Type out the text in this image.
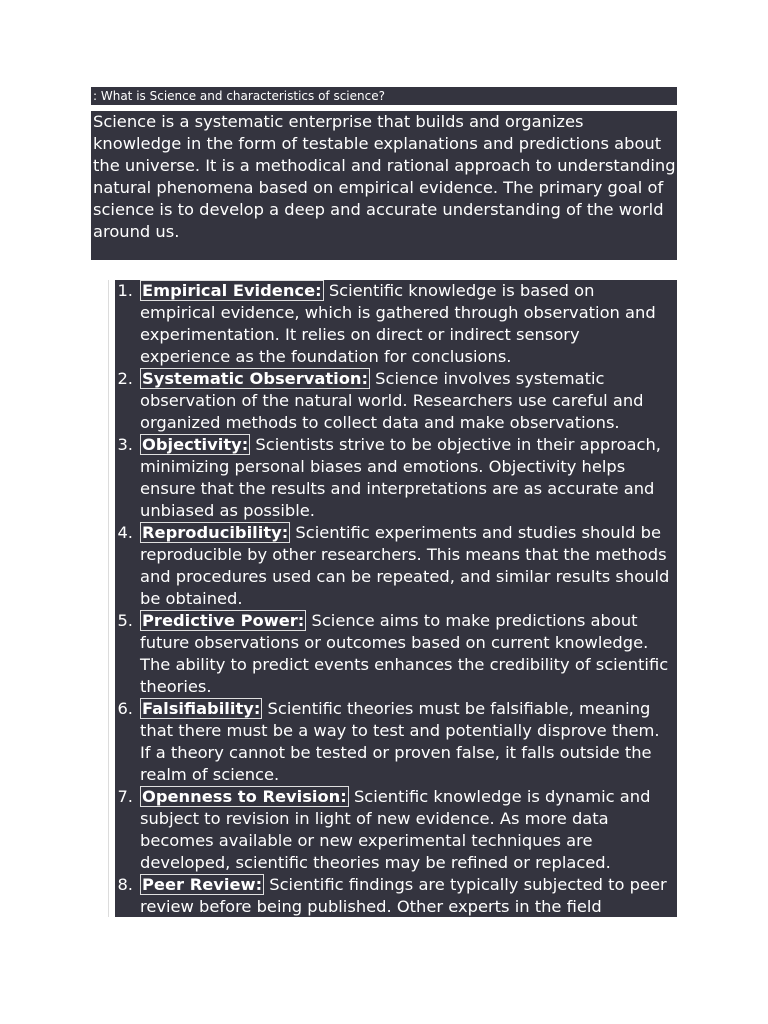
: What is Science and characteristics of science?

Science is a systematic enterprise that builds and organizes knowledge in the form of testable explanations and predictions about the universe. It is a methodical and rational approach to understanding natural phenomena based on empirical evidence. The primary goal of science is to develop a deep and accurate understanding of the world around us.

Here are some key characteristics of science:

1. Empirical Evidence: Scientific knowledge is based on empirical evidence, which is gathered through observation and experimentation. It relies on direct or indirect sensory experience as the foundation for conclusions.
2. Systematic Observation: Science involves systematic observation of the natural world. Researchers use careful and organized methods to collect data and make observations.
3. Objectivity: Scientists strive to be objective in their approach, minimizing personal biases and emotions. Objectivity helps ensure that the results and interpretations are as accurate and unbiased as possible.
4. Reproducibility: Scientific experiments and studies should be reproducible by other researchers. This means that the methods and procedures used can be repeated, and similar results should be obtained.
5. Predictive Power: Science aims to make predictions about future observations or outcomes based on current knowledge. The ability to predict events enhances the credibility of scientific theories.
6. Falsifiability: Scientific theories must be falsifiable, meaning that there must be a way to test and potentially disprove them. If a theory cannot be tested or proven false, it falls outside the realm of science.
7. Openness to Revision: Scientific knowledge is dynamic and subject to revision in light of new evidence. As more data becomes available or new experimental techniques are developed, scientific theories may be refined or replaced.
8. Peer Review: Scientific findings are typically subjected to peer review before being published. Other experts in the field critically evaluate the research methods, results, and conclusions to ensure quality and reliability.
